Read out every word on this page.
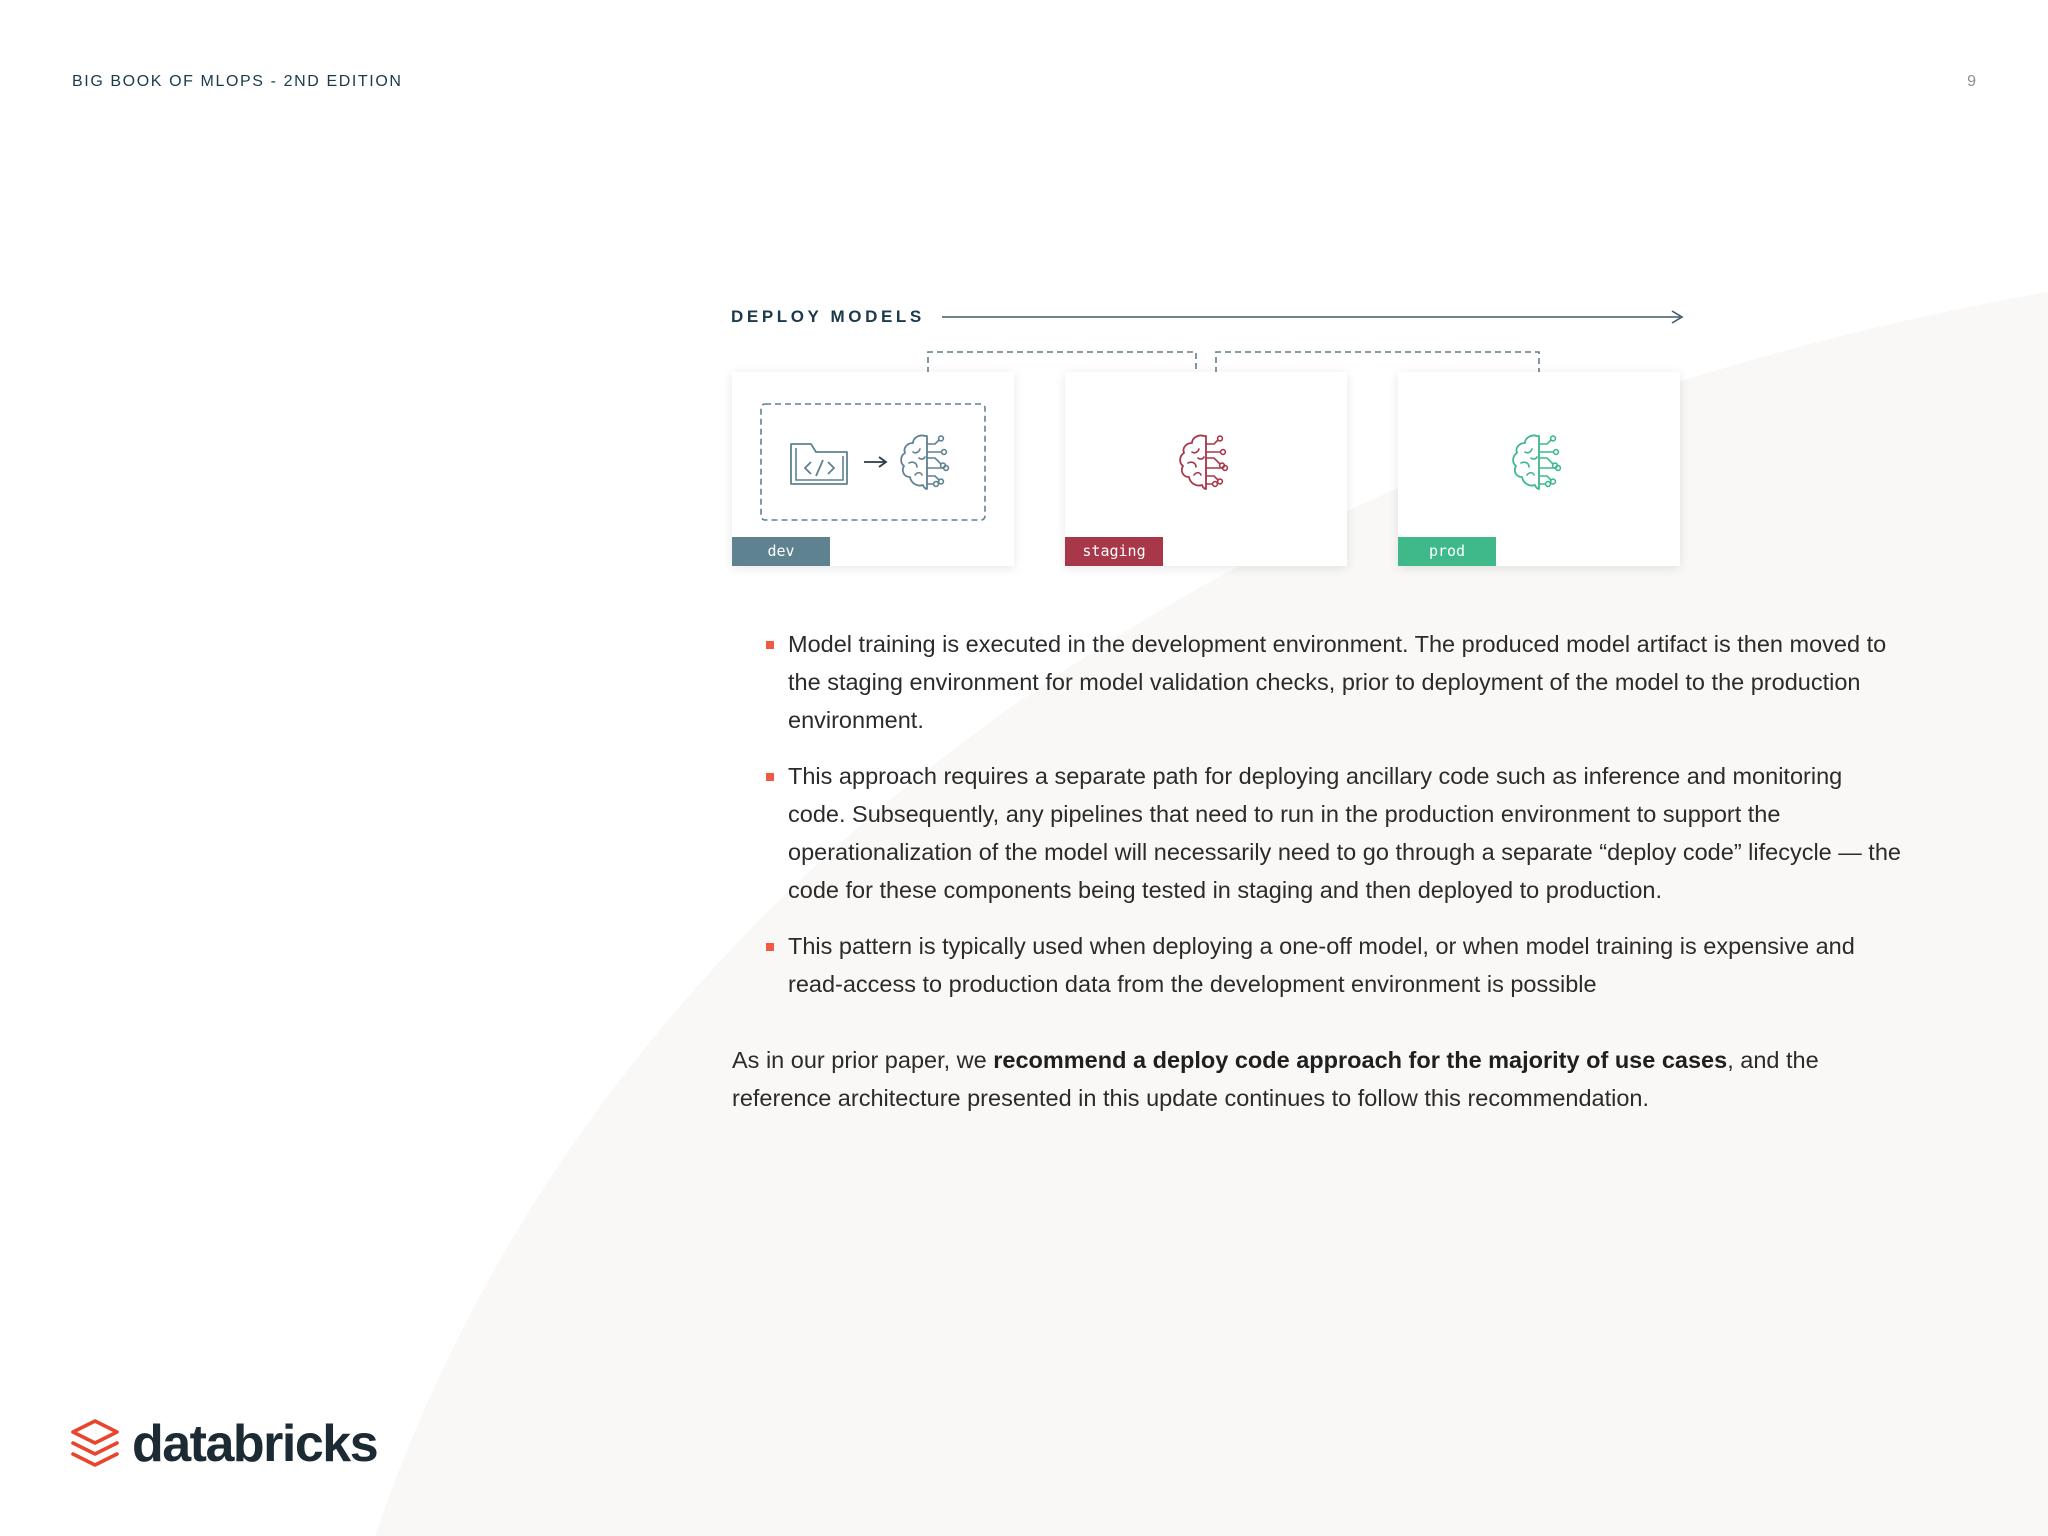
BIG BOOK OF MLOPS - 2ND EDITION	9
DEPLOY MODELS
dev	staging	prod
Model training is executed in the development environment. The produced model artifact is then moved to the staging environment for model validation checks, prior to deployment of the model to the production environment.
This approach requires a separate path for deploying ancillary code such as inference and monitoring code. Subsequently, any pipelines that need to run in the production environment to support the operationalization of the model will necessarily need to go through a separate “deploy code” lifecycle — the code for these components being tested in staging and then deployed to production.
This pattern is typically used when deploying a one-off model, or when model training is expensive and read-access to production data from the development environment is possible

As in our prior paper, we recommend a deploy code approach for the majority of use cases, and the reference architecture presented in this update continues to follow this recommendation.

databricks
